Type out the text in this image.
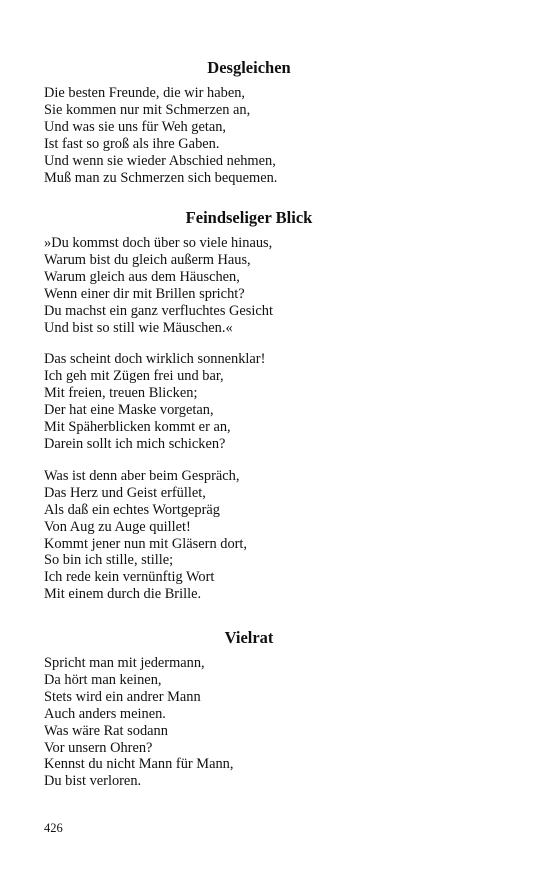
Desgleichen
Die besten Freunde, die wir haben,
Sie kommen nur mit Schmerzen an,
Und was sie uns für Weh getan,
Ist fast so groß als ihre Gaben.
Und wenn sie wieder Abschied nehmen,
Muß man zu Schmerzen sich bequemen.
Feindseliger Blick
»Du kommst doch über so viele hinaus,
Warum bist du gleich außerm Haus,
Warum gleich aus dem Häuschen,
Wenn einer dir mit Brillen spricht?
Du machst ein ganz verfluchtes Gesicht
Und bist so still wie Mäuschen.«
Das scheint doch wirklich sonnenklar!
Ich geh mit Zügen frei und bar,
Mit freien, treuen Blicken;
Der hat eine Maske vorgetan,
Mit Späherblicken kommt er an,
Darein sollt ich mich schicken?
Was ist denn aber beim Gespräch,
Das Herz und Geist erfüllet,
Als daß ein echtes Wortgepräg
Von Aug zu Auge quillet!
Kommt jener nun mit Gläsern dort,
So bin ich stille, stille;
Ich rede kein vernünftig Wort
Mit einem durch die Brille.
Vielrat
Spricht man mit jedermann,
Da hört man keinen,
Stets wird ein andrer Mann
Auch anders meinen.
Was wäre Rat sodann
Vor unsern Ohren?
Kennst du nicht Mann für Mann,
Du bist verloren.
426
